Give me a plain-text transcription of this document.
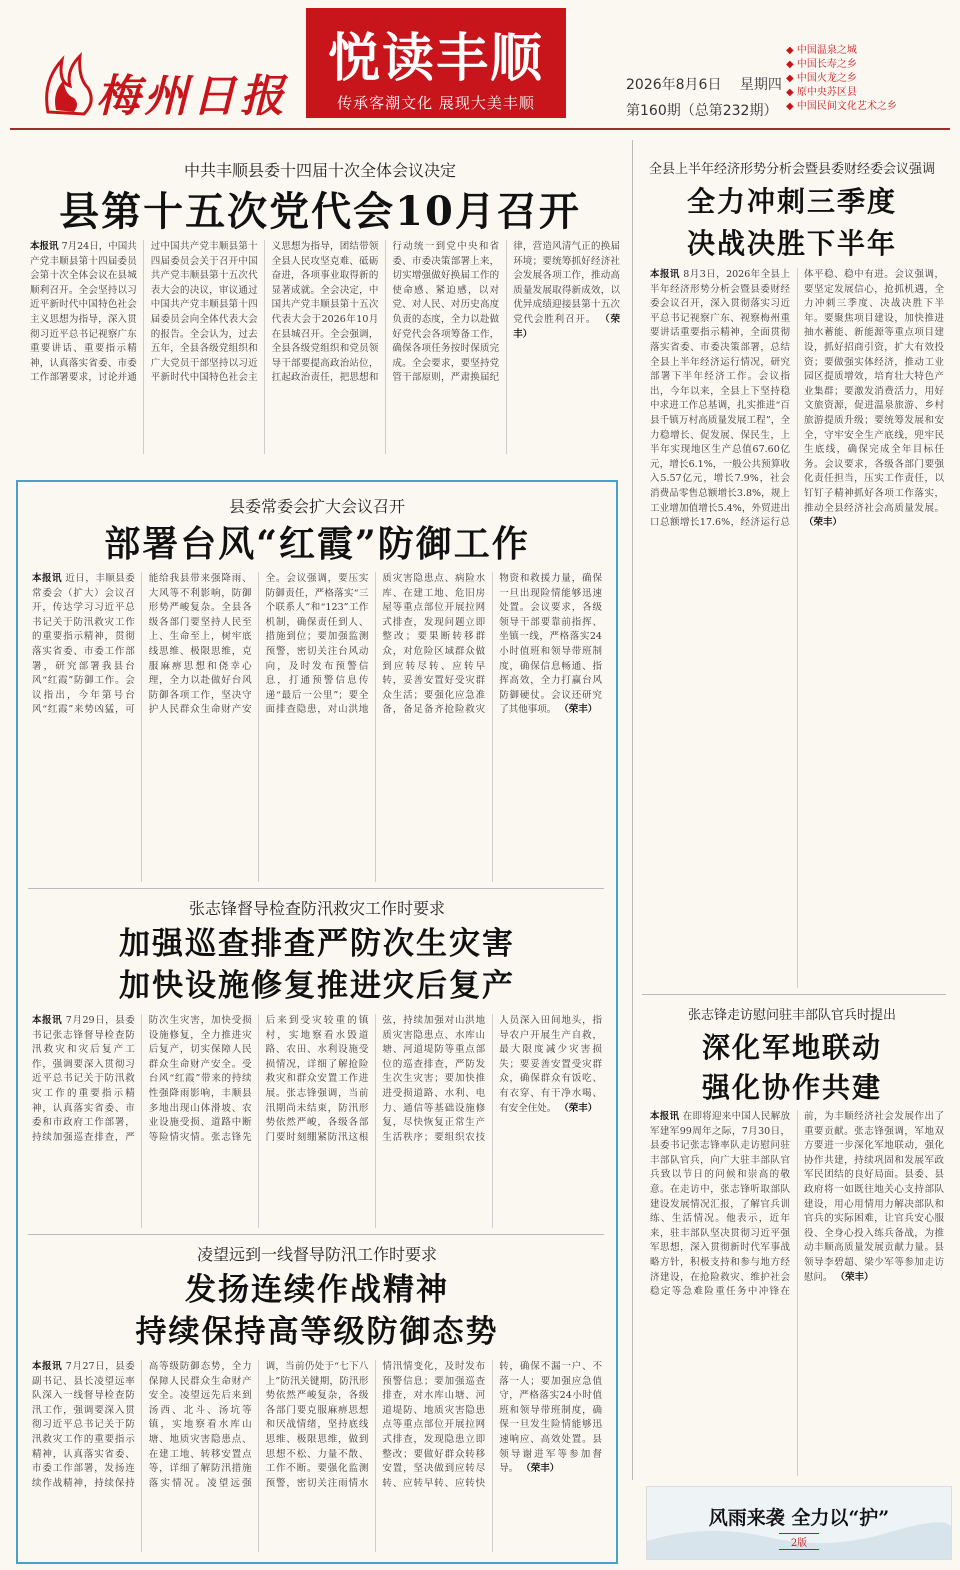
梅州日报
悦读丰顺
传承客潮文化 展现大美丰顺
2026年8月6日 星期四
第160期（总第232期）
◆ 中国温泉之城
◆ 中国长寿之乡
◆ 中国火龙之乡
◆ 原中央苏区县
◆ 中国民间文化艺术之乡
中共丰顺县委十四届十次全体会议决定
县第十五次党代会10月召开
本报讯 7月24日，中国共产党丰顺县第十四届委员会第十次全体会议在县城顺利召开。全会坚持以习近平新时代中国特色社会主义思想为指导，深入贯彻习近平总书记视察广东重要讲话、重要指示精神，认真落实省委、市委工作部署要求，讨论并通过中国共产党丰顺县第十四届委员会关于召开中国共产党丰顺县第十五次代表大会的决议，审议通过中国共产党丰顺县第十四届委员会向全体代表大会的报告。全会认为，过去五年，全县各级党组织和广大党员干部坚持以习近平新时代中国特色社会主义思想为指导，团结带领全县人民攻坚克难、砥砺奋进，各项事业取得新的显著成就。全会决定，中国共产党丰顺县第十五次代表大会于2026年10月在县城召开。全会强调，全县各级党组织和党员领导干部要提高政治站位，扛起政治责任，把思想和行动统一到党中央和省委、市委决策部署上来，切实增强做好换届工作的使命感、紧迫感，以对党、对人民、对历史高度负责的态度，全力以赴做好党代会各项筹备工作，确保各项任务按时保质完成。全会要求，要坚持党管干部原则，严肃换届纪律，营造风清气正的换届环境；要统筹抓好经济社会发展各项工作，推动高质量发展取得新成效，以优异成绩迎接县第十五次党代会胜利召开。 （荣丰）
全县上半年经济形势分析会暨县委财经委会议强调
全力冲刺三季度
决战决胜下半年
本报讯 8月3日，2026年全县上半年经济形势分析会暨县委财经委会议召开，深入贯彻落实习近平总书记视察广东、视察梅州重要讲话重要指示精神，全面贯彻落实省委、市委决策部署，总结全县上半年经济运行情况，研究部署下半年经济工作。会议指出，今年以来，全县上下坚持稳中求进工作总基调，扎实推进“百县千镇万村高质量发展工程”，全力稳增长、促发展、保民生，上半年实现地区生产总值67.60亿元，增长6.1%，一般公共预算收入5.57亿元，增长7.9%，社会消费品零售总额增长3.8%，规上工业增加值增长5.4%，外贸进出口总额增长17.6%，经济运行总体平稳、稳中有进。会议强调，要坚定发展信心，抢抓机遇，全力冲刺三季度、决战决胜下半年。要聚焦项目建设，加快推进抽水蓄能、新能源等重点项目建设，抓好招商引资，扩大有效投资；要做强实体经济，推动工业园区提质增效，培育壮大特色产业集群；要激发消费活力，用好文旅资源，促进温泉旅游、乡村旅游提质升级；要统筹发展和安全，守牢安全生产底线，兜牢民生底线，确保完成全年目标任务。会议要求，各级各部门要强化责任担当，压实工作责任，以钉钉子精神抓好各项工作落实，推动全县经济社会高质量发展。 （荣丰）
张志锋走访慰问驻丰部队官兵时提出
深化军地联动
强化协作共建
本报讯 在即将迎来中国人民解放军建军99周年之际，7月30日，县委书记张志锋率队走访慰问驻丰部队官兵，向广大驻丰部队官兵致以节日的问候和崇高的敬意。在走访中，张志锋听取部队建设发展情况汇报，了解官兵训练、生活情况。他表示，近年来，驻丰部队坚决贯彻习近平强军思想，深入贯彻新时代军事战略方针，积极支持和参与地方经济建设，在抢险救灾、维护社会稳定等急难险重任务中冲锋在前，为丰顺经济社会发展作出了重要贡献。张志锋强调，军地双方要进一步深化军地联动，强化协作共建，持续巩固和发展军政军民团结的良好局面。县委、县政府将一如既往地关心支持部队建设，用心用情用力解决部队和官兵的实际困难，让官兵安心服役、全身心投入练兵备战，为推动丰顺高质量发展贡献力量。县领导李碧超、梁少军等参加走访慰问。 （荣丰）
县委常委会扩大会议召开
部署台风“红霞”防御工作
本报讯 近日，丰顺县委常委会（扩大）会议召开，传达学习习近平总书记关于防汛救灾工作的重要指示精神，贯彻落实省委、市委工作部署，研究部署我县台风“红霞”防御工作。会议指出，今年第号台风“红霞”来势凶猛，可能给我县带来强降雨、大风等不利影响，防御形势严峻复杂。全县各级各部门要坚持人民至上、生命至上，树牢底线思维、极限思维，克服麻痹思想和侥幸心理，全力以赴做好台风防御各项工作，坚决守护人民群众生命财产安全。会议强调，要压实防御责任，严格落实“三个联系人”和“123”工作机制，确保责任到人、措施到位；要加强监测预警，密切关注台风动向，及时发布预警信息，打通预警信息传递“最后一公里”；要全面排查隐患，对山洪地质灾害隐患点、病险水库、在建工地、危旧房屋等重点部位开展拉网式排查，发现问题立即整改；要果断转移群众，对危险区域群众做到应转尽转、应转早转，妥善安置好受灾群众生活；要强化应急准备，备足备齐抢险救灾物资和救援力量，确保一旦出现险情能够迅速处置。会议要求，各级领导干部要靠前指挥、坐镇一线，严格落实24小时值班和领导带班制度，确保信息畅通、指挥高效，全力打赢台风防御硬仗。会议还研究了其他事项。 （荣丰）
张志锋督导检查防汛救灾工作时要求
加强巡查排查严防次生灾害
加快设施修复推进灾后复产
本报讯 7月29日，县委书记张志锋督导检查防汛救灾和灾后复产工作，强调要深入贯彻习近平总书记关于防汛救灾工作的重要指示精神，认真落实省委、市委和市政府工作部署，持续加强巡查排查，严防次生灾害，加快受损设施修复，全力推进灾后复产，切实保障人民群众生命财产安全。受台风“红霞”带来的持续性强降雨影响，丰顺县多地出现山体滑坡、农业设施受损、道路中断等险情灾情。张志锋先后来到受灾较重的镇村，实地察看水毁道路、农田、水利设施受损情况，详细了解抢险救灾和群众安置工作进展。张志锋强调，当前汛期尚未结束，防汛形势依然严峻，各级各部门要时刻绷紧防汛这根弦，持续加强对山洪地质灾害隐患点、水库山塘、河道堤防等重点部位的巡查排查，严防发生次生灾害；要加快推进受损道路、水利、电力、通信等基础设施修复，尽快恢复正常生产生活秩序；要组织农技人员深入田间地头，指导农户开展生产自救，最大限度减少灾害损失；要妥善安置受灾群众，确保群众有饭吃、有衣穿、有干净水喝、有安全住处。 （荣丰）
凌望远到一线督导防汛工作时要求
发扬连续作战精神
持续保持高等级防御态势
本报讯 7月27日，县委副书记、县长凌望远率队深入一线督导检查防汛工作，强调要深入贯彻习近平总书记关于防汛救灾工作的重要指示精神，认真落实省委、市委工作部署，发扬连续作战精神，持续保持高等级防御态势，全力保障人民群众生命财产安全。凌望远先后来到汤西、北斗、汤坑等镇，实地察看水库山塘、地质灾害隐患点、在建工地、转移安置点等，详细了解防汛措施落实情况。凌望远强调，当前仍处于“七下八上”防汛关键期，防汛形势依然严峻复杂，各级各部门要克服麻痹思想和厌战情绪，坚持底线思维、极限思维，做到思想不松、力量不散、工作不断。要强化监测预警，密切关注雨情水情汛情变化，及时发布预警信息；要加强巡查排查，对水库山塘、河道堤防、地质灾害隐患点等重点部位开展拉网式排查，发现隐患立即整改；要做好群众转移安置，坚决做到应转尽转、应转早转、应转快转，确保不漏一户、不落一人；要加强应急值守，严格落实24小时值班和领导带班制度，确保一旦发生险情能够迅速响应、高效处置。县领导谢进军等参加督导。 （荣丰）
风雨来袭 全力以“护”
2版
